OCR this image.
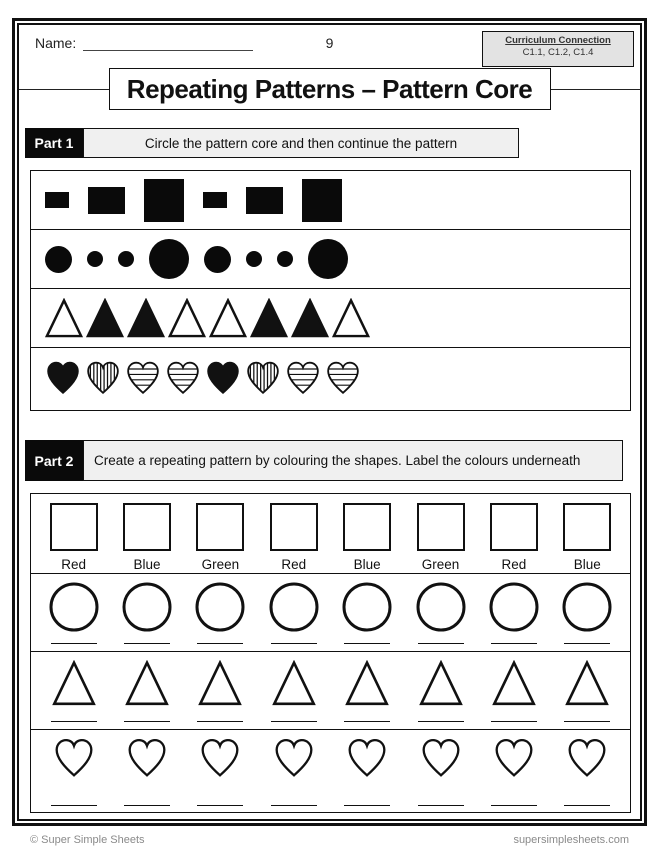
Name:	9	Curriculum Connection
C1.1, C1.2, C1.4
Repeating Patterns – Pattern Core
Part 1	Circle the pattern core and then continue the pattern
Part 2	Create a repeating pattern by colouring the shapes. Label the colours underneath
Red	Blue	Green	Red	Blue	Green	Red	Blue
© Super Simple Sheets	supersimplesheets.com
